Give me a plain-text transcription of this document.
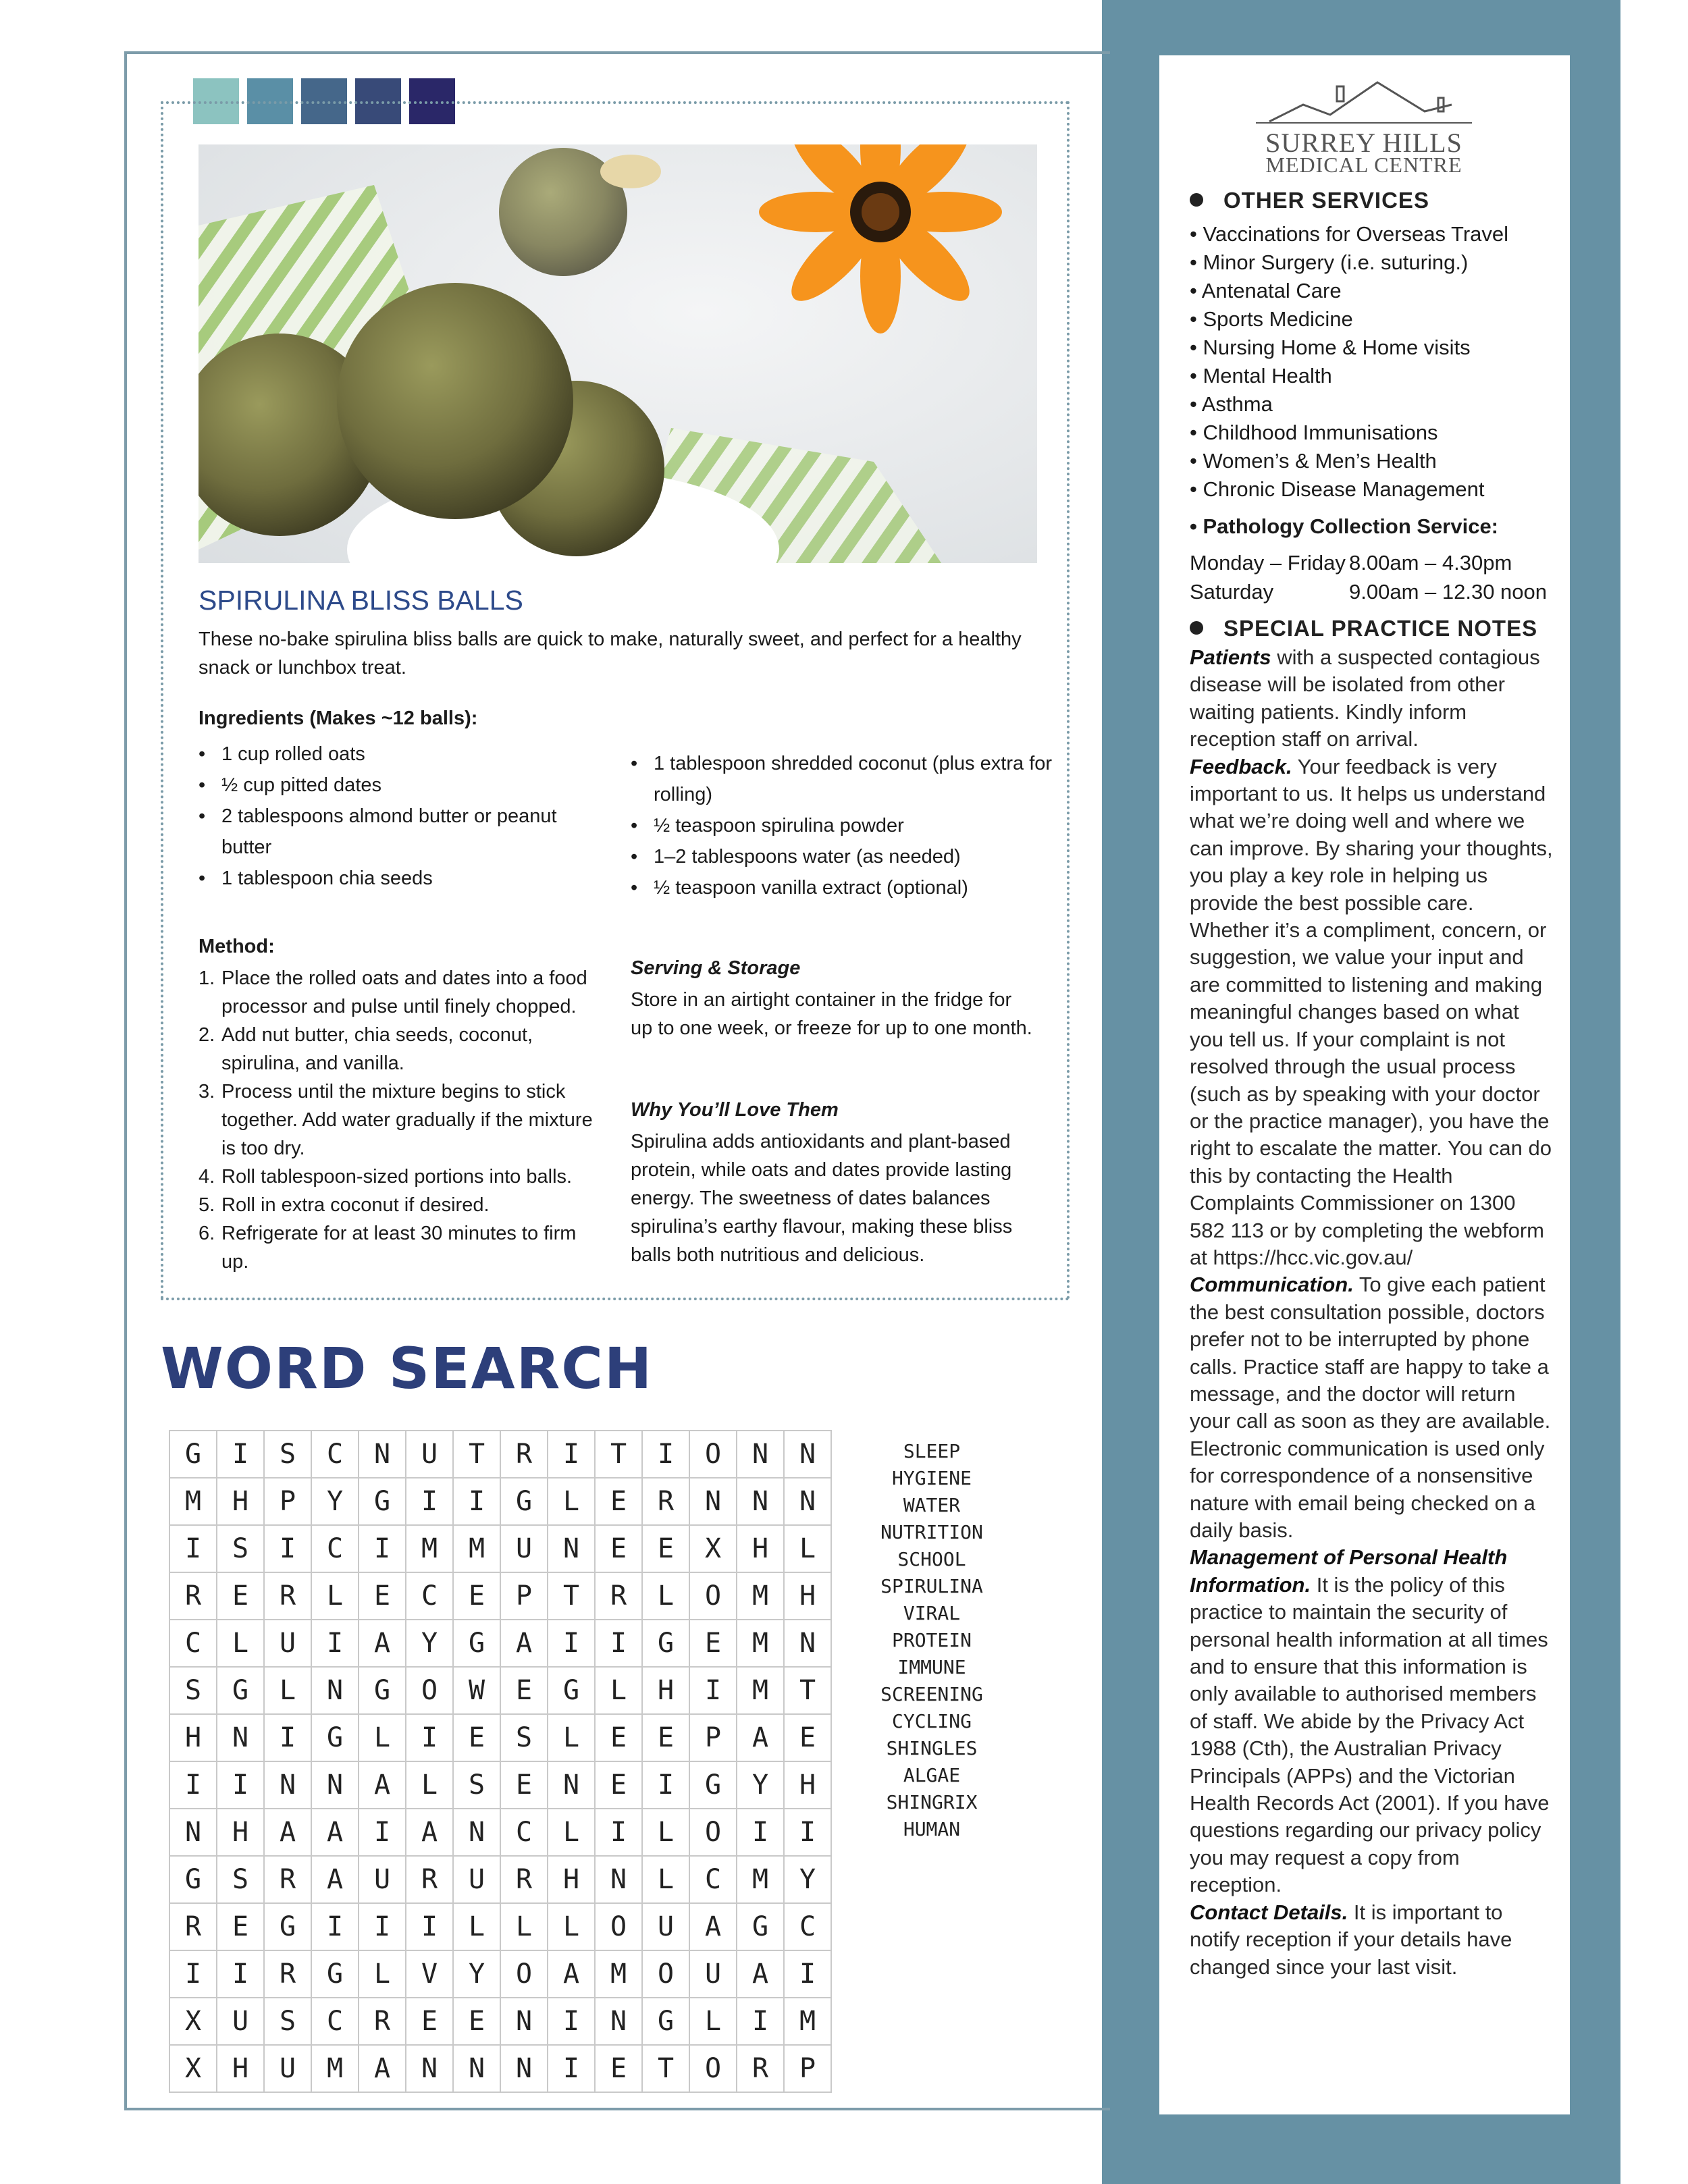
SPIRULINA BLISS BALLS
These no-bake spirulina bliss balls are quick to make, naturally sweet, and perfect for a healthy snack or lunchbox treat.
Ingredients (Makes ~12 balls):
• 1 cup rolled oats
• ½ cup pitted dates
• 2 tablespoons almond butter or peanut butter
• 1 tablespoon chia seeds
• 1 tablespoon shredded coconut (plus extra for rolling)
• ½ teaspoon spirulina powder
• 1–2 tablespoons water (as needed)
• ½ teaspoon vanilla extract (optional)
Method:
1. Place the rolled oats and dates into a food processor and pulse until finely chopped.
2. Add nut butter, chia seeds, coconut, spirulina, and vanilla.
3. Process until the mixture begins to stick together. Add water gradually if the mixture is too dry.
4. Roll tablespoon-sized portions into balls.
5. Roll in extra coconut if desired.
6. Refrigerate for at least 30 minutes to firm up.
Serving & Storage
Store in an airtight container in the fridge for up to one week, or freeze for up to one month.
Why You’ll Love Them
Spirulina adds antioxidants and plant-based protein, while oats and dates provide lasting energy. The sweetness of dates balances spirulina’s earthy flavour, making these bliss balls both nutritious and delicious.
WORD SEARCH
G	I	S	C	N	U	T	R	I	T	I	O	N	N
M	H	P	Y	G	I	I	G	L	E	R	N	N	N
I	S	I	C	I	M	M	U	N	E	E	X	H	L
R	E	R	L	E	C	E	P	T	R	L	O	M	H
C	L	U	I	A	Y	G	A	I	I	G	E	M	N
S	G	L	N	G	O	W	E	G	L	H	I	M	T
H	N	I	G	L	I	E	S	L	E	E	P	A	E
I	I	N	N	A	L	S	E	N	E	I	G	Y	H
N	H	A	A	I	A	N	C	L	I	L	O	I	I
G	S	R	A	U	R	U	R	H	N	L	C	M	Y
R	E	G	I	I	I	L	L	L	O	U	A	G	C
I	I	R	G	L	V	Y	O	A	M	O	U	A	I
X	U	S	C	R	E	E	N	I	N	G	L	I	M
X	H	U	M	A	N	N	N	I	E	T	O	R	P
SLEEP
HYGIENE
WATER
NUTRITION
SCHOOL
SPIRULINA
VIRAL
PROTEIN
IMMUNE
SCREENING
CYCLING
SHINGLES
ALGAE
SHINGRIX
HUMAN
SURREY HILLS
MEDICAL CENTRE
OTHER SERVICES
• Vaccinations for Overseas Travel
• Minor Surgery (i.e. suturing.)
• Antenatal Care
• Sports Medicine
• Nursing Home & Home visits
• Mental Health
• Asthma
• Childhood Immunisations
• Women’s & Men’s Health
• Chronic Disease Management
• Pathology Collection Service:
Monday – Friday 8.00am – 4.30pm
Saturday	9.00am – 12.30 noon
SPECIAL PRACTICE NOTES
Patients with a suspected contagious disease will be isolated from other waiting patients. Kindly inform reception staff on arrival.
Feedback. Your feedback is very important to us. It helps us understand what we’re doing well and where we can improve. By sharing your thoughts, you play a key role in helping us provide the best possible care. Whether it’s a compliment, concern, or suggestion, we value your input and are committed to listening and making meaningful changes based on what you tell us. If your complaint is not resolved through the usual process (such as by speaking with your doctor or the practice manager), you have the right to escalate the matter. You can do this by contacting the Health Complaints Commissioner on 1300 582 113 or by completing the webform at https://hcc.vic.gov.au/
Communication. To give each patient the best consultation possible, doctors prefer not to be interrupted by phone calls. Practice staff are happy to take a message, and the doctor will return your call as soon as they are available. Electronic communication is used only for correspondence of a nonsensitive nature with email being checked on a daily basis.
Management of Personal Health Information. It is the policy of this practice to maintain the security of personal health information at all times and to ensure that this information is only available to authorised members of staff. We abide by the Privacy Act 1988 (Cth), the Australian Privacy Principals (APPs) and the Victorian Health Records Act (2001). If you have questions regarding our privacy policy you may request a copy from reception.
Contact Details. It is important to notify reception if your details have changed since your last visit.
